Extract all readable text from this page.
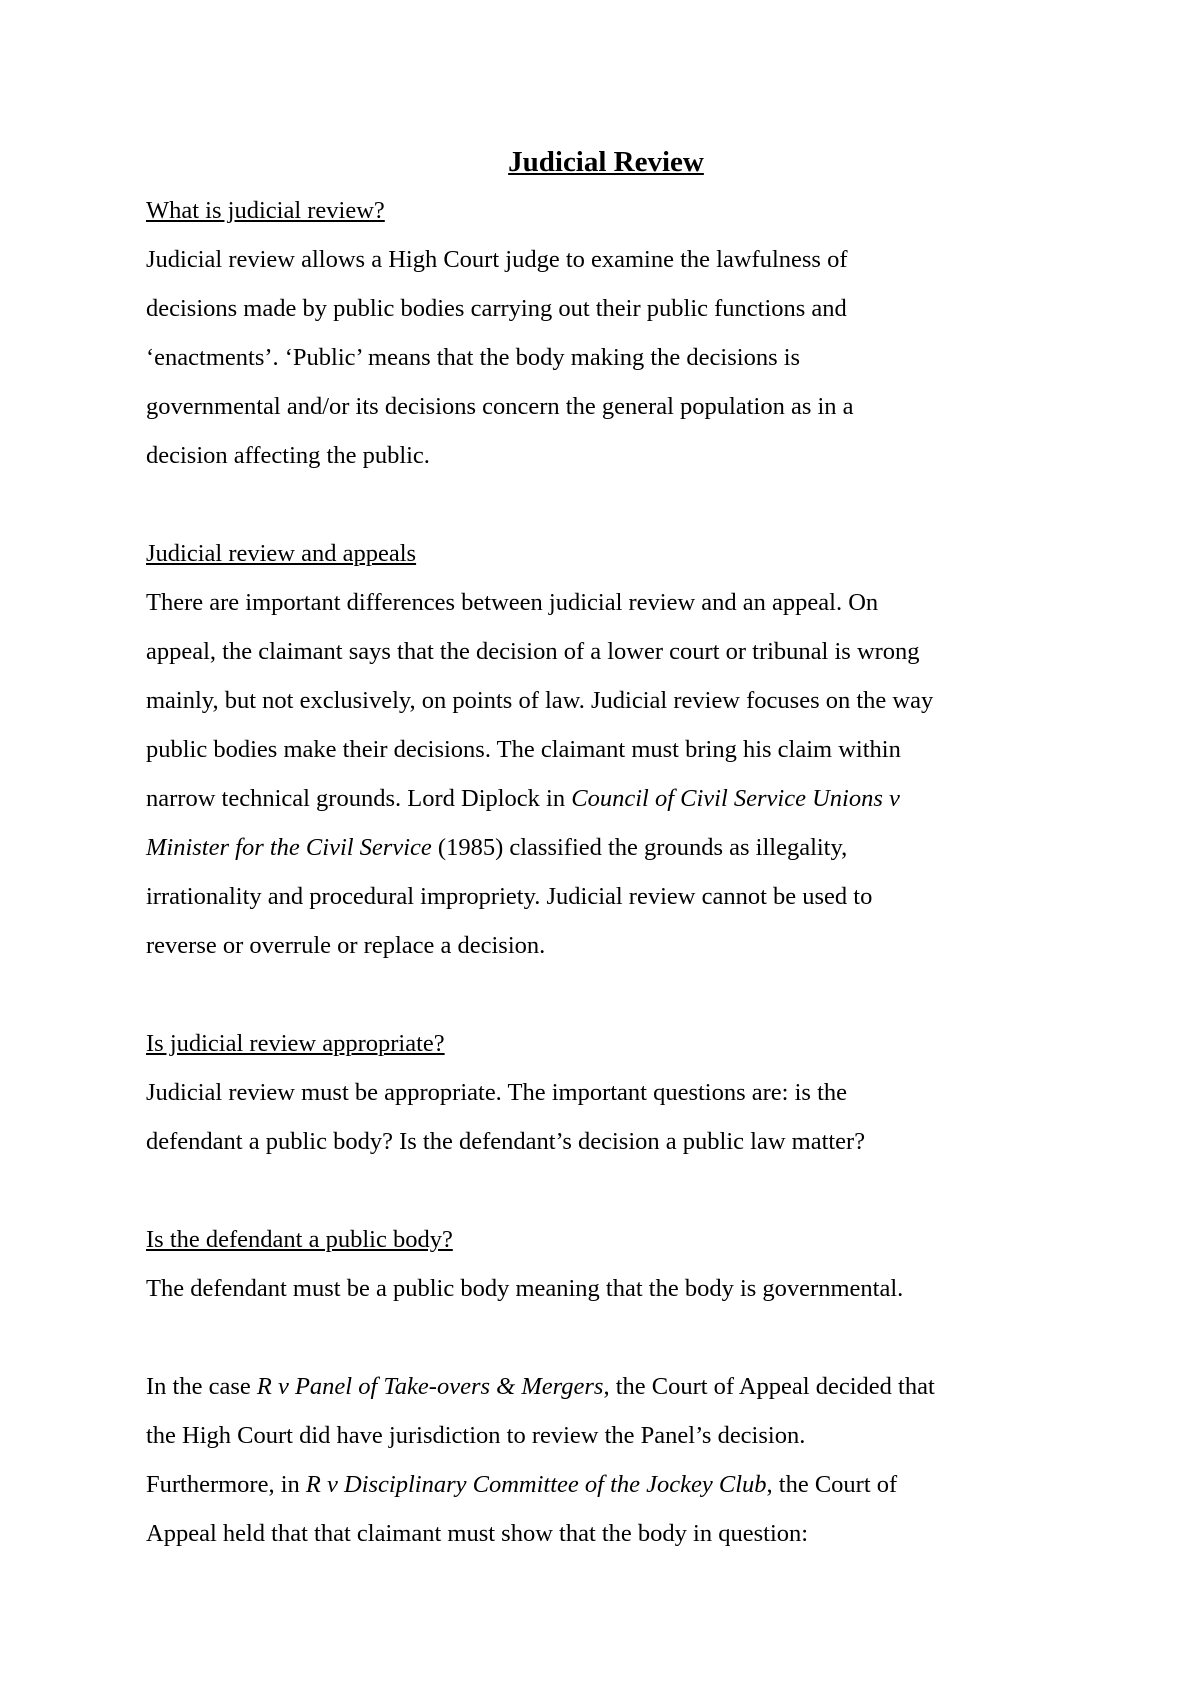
Judicial Review
What is judicial review?
Judicial review allows a High Court judge to examine the lawfulness of
decisions made by public bodies carrying out their public functions and
‘enactments’. ‘Public’ means that the body making the decisions is
governmental and/or its decisions concern the general population as in a
decision affecting the public.
Judicial review and appeals
There are important differences between judicial review and an appeal. On
appeal, the claimant says that the decision of a lower court or tribunal is wrong
mainly, but not exclusively, on points of law. Judicial review focuses on the way
public bodies make their decisions. The claimant must bring his claim within
narrow technical grounds. Lord Diplock in Council of Civil Service Unions v
Minister for the Civil Service (1985) classified the grounds as illegality,
irrationality and procedural impropriety. Judicial review cannot be used to
reverse or overrule or replace a decision.
Is judicial review appropriate?
Judicial review must be appropriate. The important questions are: is the
defendant a public body? Is the defendant’s decision a public law matter?
Is the defendant a public body?
The defendant must be a public body meaning that the body is governmental.
In the case R v Panel of Take-overs & Mergers, the Court of Appeal decided that
the High Court did have jurisdiction to review the Panel’s decision.
Furthermore, in R v Disciplinary Committee of the Jockey Club, the Court of
Appeal held that that claimant must show that the body in question:
